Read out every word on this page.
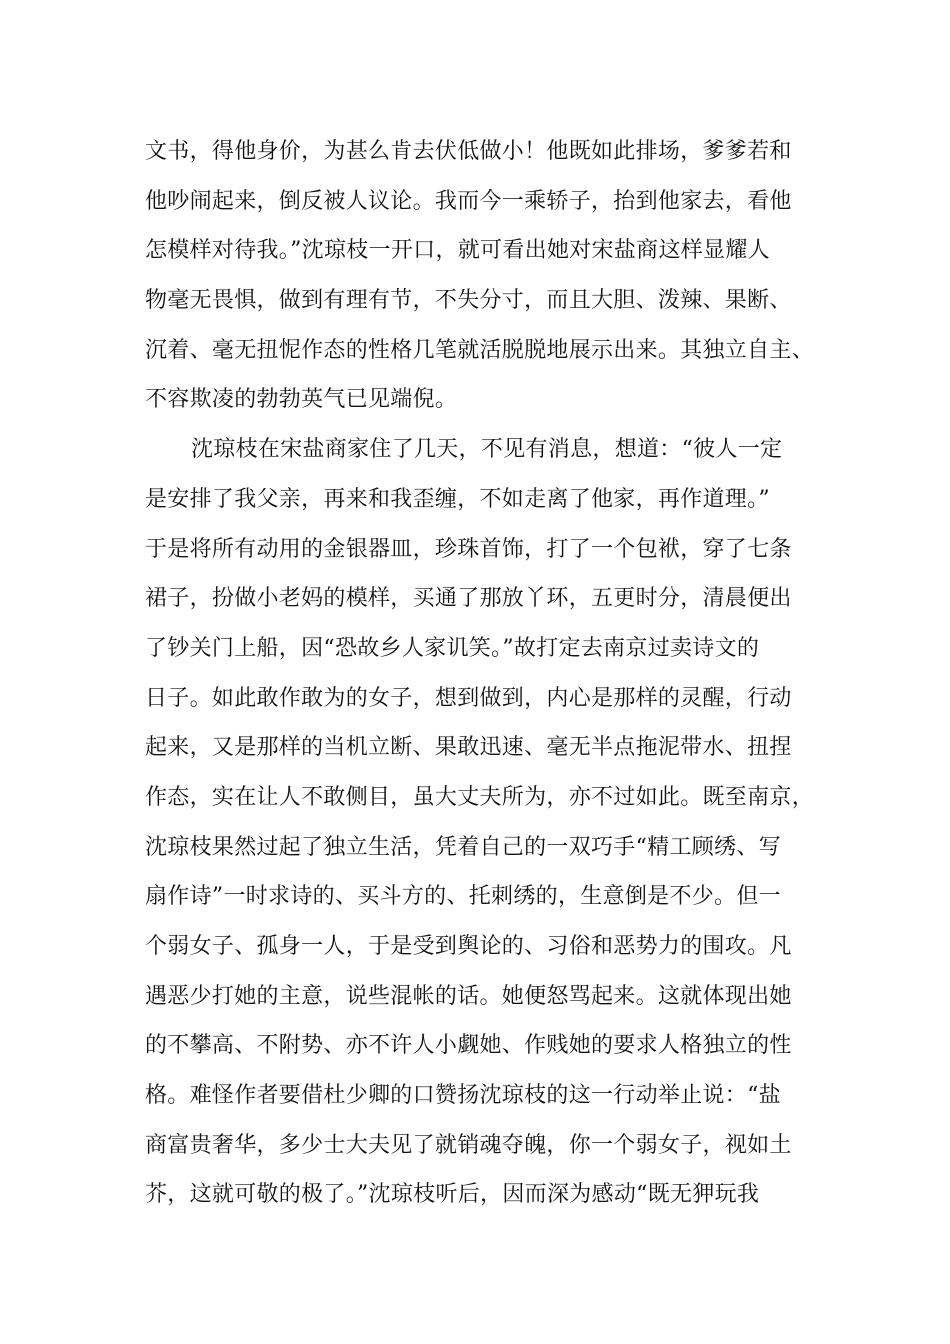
文书，得他身价，为甚么肯去伏低做小！他既如此排场，爹爹若和
他吵闹起来，倒反被人议论。我而今一乘轿子，抬到他家去，看他
怎模样对待我。”沈琼枝一开口，就可看出她对宋盐商这样显耀人
物毫无畏惧，做到有理有节，不失分寸，而且大胆、泼辣、果断、
沉着、毫无扭怩作态的性格几笔就活脱脱地展示出来。其独立自主、
不容欺凌的勃勃英气已见端倪。
沈琼枝在宋盐商家住了几天，不见有消息，想道：“彼人一定
是安排了我父亲，再来和我歪缠，不如走离了他家，再作道理。”
于是将所有动用的金银器皿，珍珠首饰，打了一个包袱，穿了七条
裙子，扮做小老妈的模样，买通了那放丫环，五更时分，清晨便出
了钞关门上船，因“恐故乡人家讥笑。”故打定去南京过卖诗文的
日子。如此敢作敢为的女子，想到做到，内心是那样的灵醒，行动
起来，又是那样的当机立断、果敢迅速、毫无半点拖泥带水、扭捏
作态，实在让人不敢侧目，虽大丈夫所为，亦不过如此。既至南京，
沈琼枝果然过起了独立生活，凭着自己的一双巧手“精工顾绣、写
扇作诗”一时求诗的、买斗方的、托刺绣的，生意倒是不少。但一
个弱女子、孤身一人，于是受到舆论的、习俗和恶势力的围攻。凡
遇恶少打她的主意，说些混帐的话。她便怒骂起来。这就体现出她
的不攀高、不附势、亦不许人小觑她、作贱她的要求人格独立的性
格。难怪作者要借杜少卿的口赞扬沈琼枝的这一行动举止说：“盐
商富贵奢华，多少士大夫见了就销魂夺魄，你一个弱女子，视如土
芥，这就可敬的极了。”沈琼枝听后，因而深为感动“既无狎玩我
